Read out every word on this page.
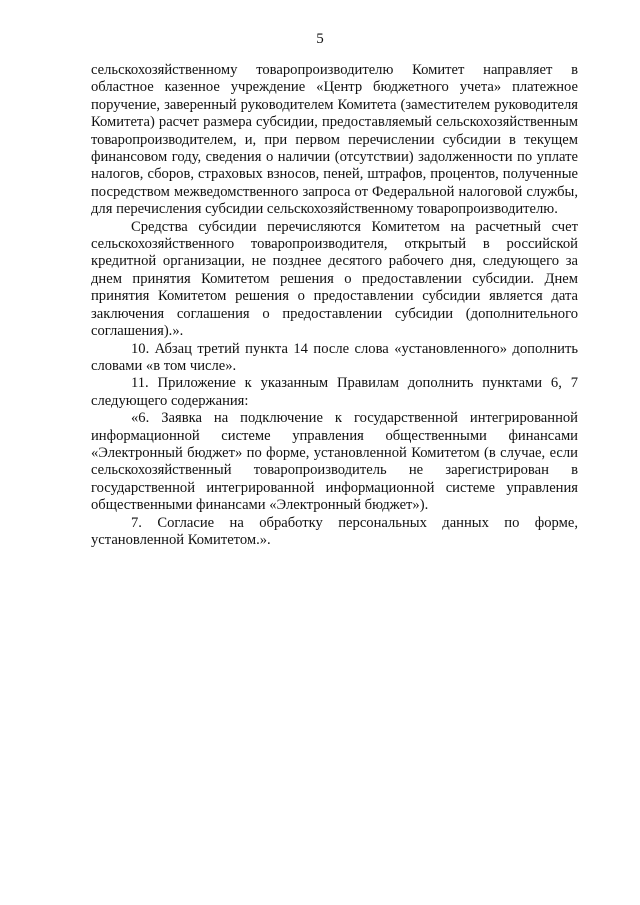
5

сельскохозяйственному товаропроизводителю Комитет направляет в областное казенное учреждение «Центр бюджетного учета» платежное поручение, заверенный руководителем Комитета (заместителем руководителя Комитета) расчет размера субсидии, предоставляемый сельскохозяйственным товаропроизводителем, и, при первом перечислении субсидии в текущем финансовом году, сведения о наличии (отсутствии) задолженности по уплате налогов, сборов, страховых взносов, пеней, штрафов, процентов, полученные посредством межведомственного запроса от Федеральной налоговой службы, для перечисления субсидии сельскохозяйственному товаропроизводителю.

Средства субсидии перечисляются Комитетом на расчетный счет сельскохозяйственного товаропроизводителя, открытый в российской кредитной организации, не позднее десятого рабочего дня, следующего за днем принятия Комитетом решения о предоставлении субсидии. Днем принятия Комитетом решения о предоставлении субсидии является дата заключения соглашения о предоставлении субсидии (дополнительного соглашения).».

10. Абзац третий пункта 14 после слова «установленного» дополнить словами «в том числе».

11. Приложение к указанным Правилам дополнить пунктами 6, 7 следующего содержания:

«6. Заявка на подключение к государственной интегрированной информационной системе управления общественными финансами «Электронный бюджет» по форме, установленной Комитетом (в случае, если сельскохозяйственный товаропроизводитель не зарегистрирован в государственной интегрированной информационной системе управления общественными финансами «Электронный бюджет»).

7. Согласие на обработку персональных данных по форме, установленной Комитетом.».
